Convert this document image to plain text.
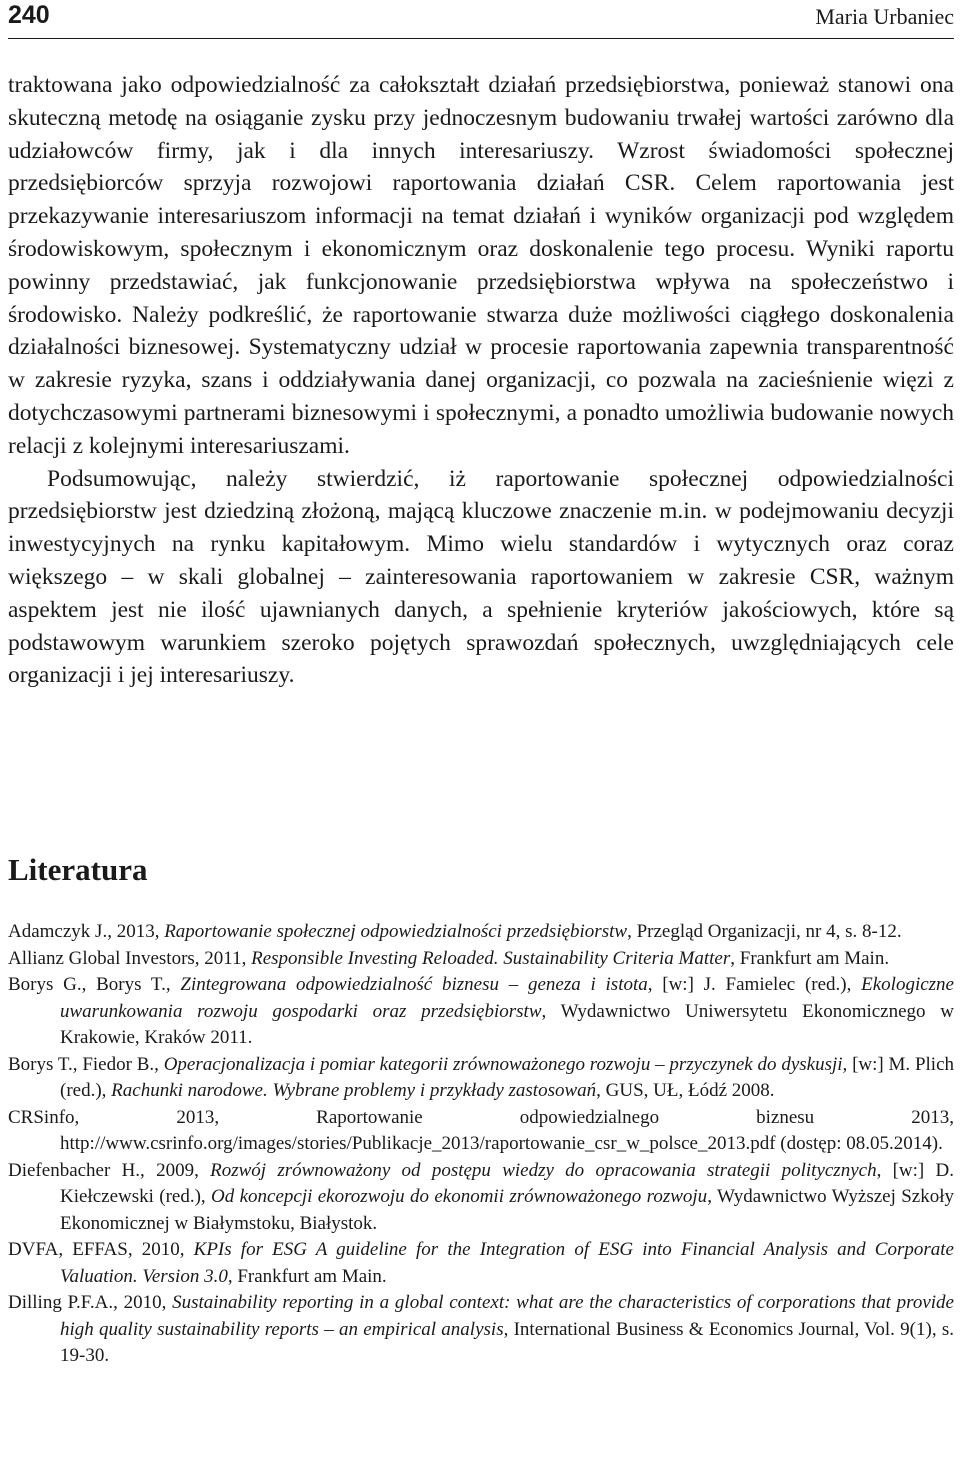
240	Maria Urbaniec

traktowana jako odpowiedzialność za całokształt działań przedsiębiorstwa, ponieważ stanowi ona skuteczną metodę na osiąganie zysku przy jednoczesnym budowaniu trwałej wartości zarówno dla udziałowców firmy, jak i dla innych interesariuszy. Wzrost świadomości społecznej przedsiębiorców sprzyja rozwojowi raportowania działań CSR. Celem raportowania jest przekazywanie interesariuszom informacji na temat działań i wyników organizacji pod względem środowiskowym, społecznym i ekonomicznym oraz doskonalenie tego procesu. Wyniki raportu powinny przedstawiać, jak funkcjonowanie przedsiębiorstwa wpływa na społeczeństwo i środowisko. Należy podkreślić, że raportowanie stwarza duże możliwości ciągłego doskonalenia działalności biznesowej. Systematyczny udział w procesie raportowania zapewnia transparentność w zakresie ryzyka, szans i oddziaływania danej organizacji, co pozwala na zacieśnienie więzi z dotychczasowymi partnerami biznesowymi i społecznymi, a ponadto umożliwia budowanie nowych relacji z kolejnymi interesariuszami.

Podsumowując, należy stwierdzić, iż raportowanie społecznej odpowiedzialności przedsiębiorstw jest dziedziną złożoną, mającą kluczowe znaczenie m.in. w podejmowaniu decyzji inwestycyjnych na rynku kapitałowym. Mimo wielu standardów i wytycznych oraz coraz większego – w skali globalnej – zainteresowania raportowaniem w zakresie CSR, ważnym aspektem jest nie ilość ujawnianych danych, a spełnienie kryteriów jakościowych, które są podstawowym warunkiem szeroko pojętych sprawozdań społecznych, uwzględniających cele organizacji i jej interesariuszy.

Literatura
Adamczyk J., 2013, Raportowanie społecznej odpowiedzialności przedsiębiorstw, Przegląd Organizacji, nr 4, s. 8-12.
Allianz Global Investors, 2011, Responsible Investing Reloaded. Sustainability Criteria Matter, Frankfurt am Main.
Borys G., Borys T., Zintegrowana odpowiedzialność biznesu – geneza i istota, [w:] J. Famielec (red.), Ekologiczne uwarunkowania rozwoju gospodarki oraz przedsiębiorstw, Wydawnictwo Uniwersytetu Ekonomicznego w Krakowie, Kraków 2011.
Borys T., Fiedor B., Operacjonalizacja i pomiar kategorii zrównoważonego rozwoju – przyczynek do dyskusji, [w:] M. Plich (red.), Rachunki narodowe. Wybrane problemy i przykłady zastosowań, GUS, UŁ, Łódź 2008.
CRSinfo, 2013, Raportowanie odpowiedzialnego biznesu 2013, http://www.csrinfo.org/images/stories/Publikacje_2013/raportowanie_csr_w_polsce_2013.pdf (dostęp: 08.05.2014).
Diefenbacher H., 2009, Rozwój zrównoważony od postępu wiedzy do opracowania strategii politycznych, [w:] D. Kiełczewski (red.), Od koncepcji ekorozwoju do ekonomii zrównoważonego rozwoju, Wydawnictwo Wyższej Szkoły Ekonomicznej w Białymstoku, Białystok.
DVFA, EFFAS, 2010, KPIs for ESG A guideline for the Integration of ESG into Financial Analysis and Corporate Valuation. Version 3.0, Frankfurt am Main.
Dilling P.F.A., 2010, Sustainability reporting in a global context: what are the characteristics of corporations that provide high quality sustainability reports – an empirical analysis, International Business & Economics Journal, Vol. 9(1), s. 19-30.
